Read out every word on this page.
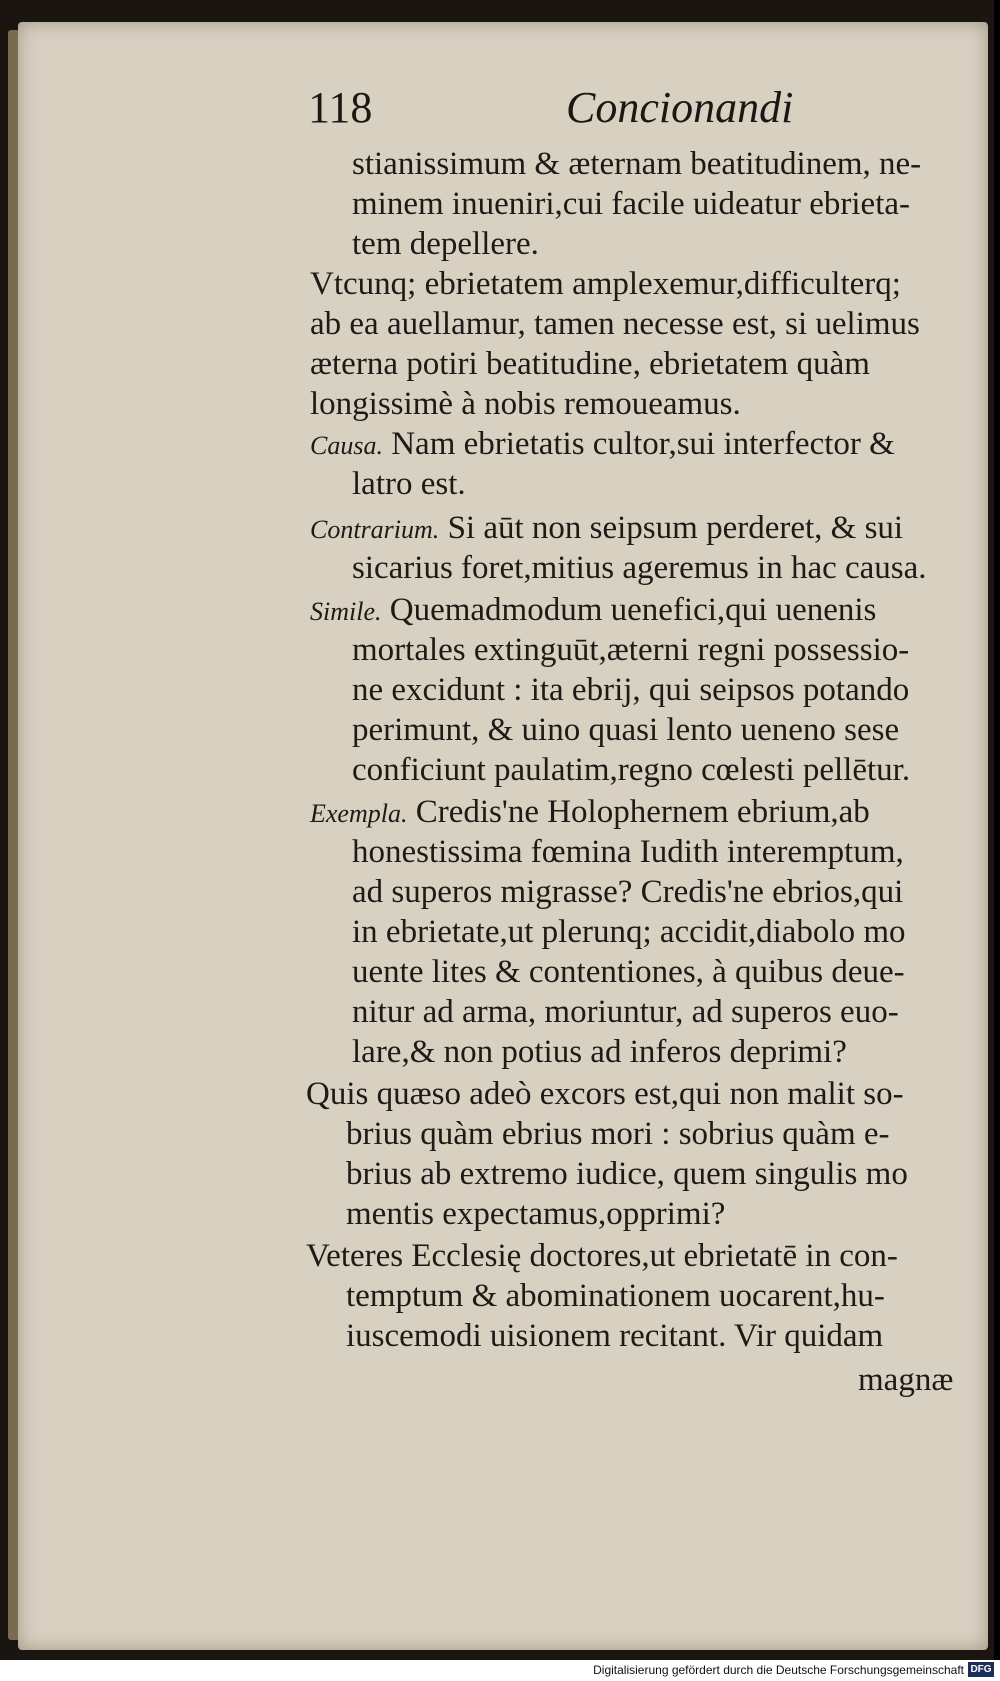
118	Concionandi
stianissimum & æternam beatitudinem, ne-
minem inueniri,cui facile uideatur ebrieta-
tem depellere.
Vtcunq; ebrietatem amplexemur,difficulterq;
ab ea auellamur, tamen necesse est, si uelimus
æterna potiri beatitudine, ebrietatem quàm
longissimè à nobis remoueamus.
Causa. Nam ebrietatis cultor,sui interfector &
latro est.
Contrarium. Si aūt non seipsum perderet, & sui
sicarius foret,mitius ageremus in hac causa.
Simile. Quemadmodum uenefici,qui uenenis
mortales extinguūt,æterni regni possessio-
ne excidunt : ita ebrij, qui seipsos potando
perimunt, & uino quasi lento ueneno sese
conficiunt paulatim,regno cœlesti pellētur.
Exempla. Credis'ne Holophernem ebrium,ab
honestissima fœmina Iudith interemptum,
ad superos migrasse? Credis'ne ebrios,qui
in ebrietate,ut plerunq; accidit,diabolo mo
uente lites & contentiones, à quibus deue-
nitur ad arma, moriuntur, ad superos euo-
lare,& non potius ad inferos deprimi?
Quis quæso adeò excors est,qui non malit so-
brius quàm ebrius mori : sobrius quàm e-
brius ab extremo iudice, quem singulis mo
mentis expectamus,opprimi?
Veteres Ecclesię doctores,ut ebrietatē in con-
temptum & abominationem uocarent,hu-
iuscemodi uisionem recitant. Vir quidam
magnæ
Digitalisierung gefördert durch die Deutsche Forschungsgemeinschaft DFG
